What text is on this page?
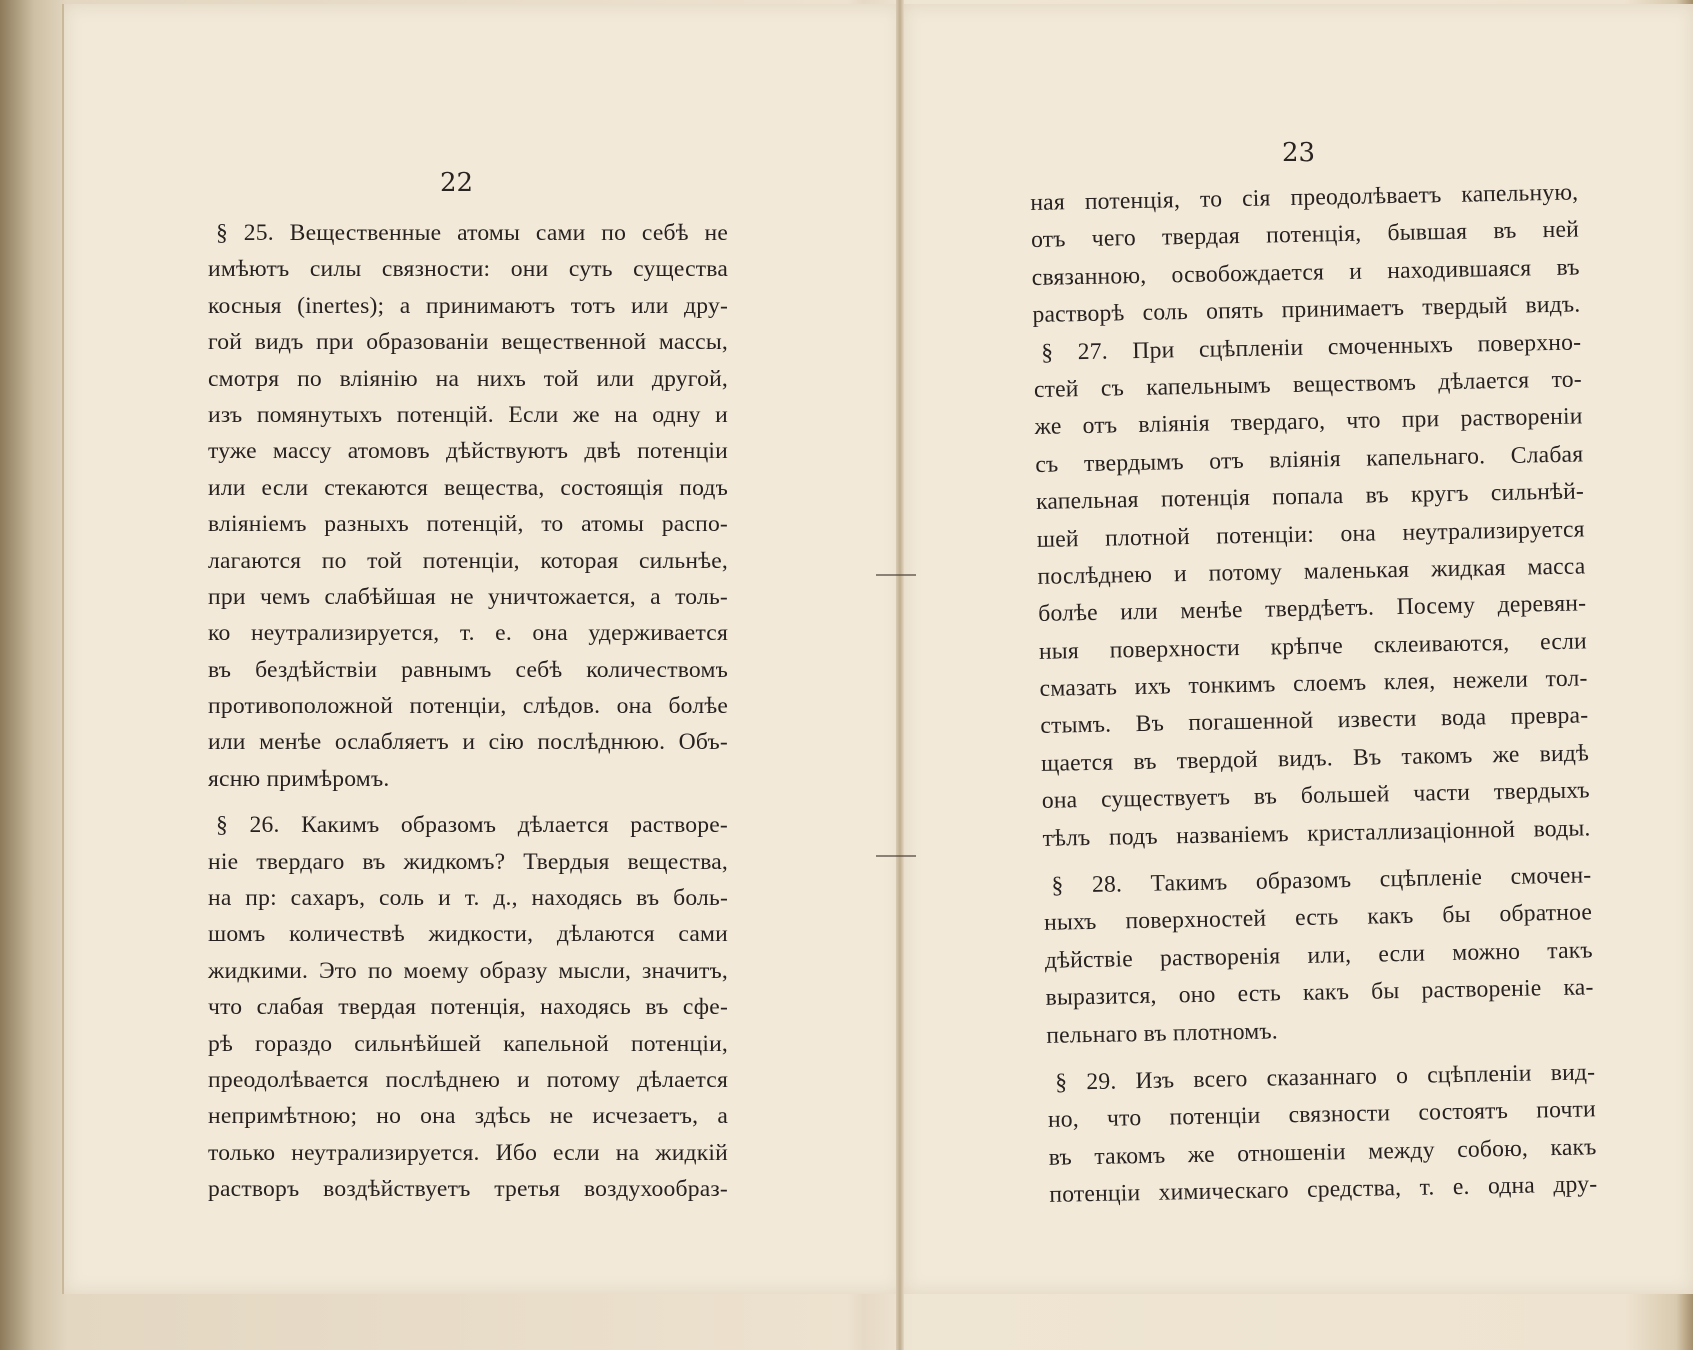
22
23
§ 25. Вещественные атомы сами по себѣ не
имѣютъ силы связности: они суть существа
косныя (inertes); а принимаютъ тотъ или дру-
гой видъ при образованіи вещественной массы,
смотря по вліянію на нихъ той или другой,
изъ помянутыхъ потенцій. Если же на одну и
туже массу атомовъ дѣйствуютъ двѣ потенціи
или если стекаются вещества, состоящія подъ
вліяніемъ разныхъ потенцій, то атомы распо-
лагаются по той потенціи, которая сильнѣе,
при чемъ слабѣйшая не уничтожается, а толь-
ко неутрализируется, т. е. она удерживается
въ бездѣйствіи равнымъ себѣ количествомъ
противоположной потенціи, слѣдов. она болѣе
или менѣе ослабляетъ и сію послѣднюю. Объ-
ясню примѣромъ.
§ 26. Какимъ образомъ дѣлается растворе-
ніе твердаго въ жидкомъ? Твердыя вещества,
на пр: сахаръ, соль и т. д., находясь въ боль-
шомъ количествѣ жидкости, дѣлаются сами
жидкими. Это по моему образу мысли, значитъ,
что слабая твердая потенція, находясь въ сфе-
рѣ гораздо сильнѣйшей капельной потенціи,
преодолѣвается послѣднею и потому дѣлается
непримѣтною; но она здѣсь не исчезаетъ, а
только неутрализируется. Ибо если на жидкій
растворъ воздѣйствуетъ третья воздухообраз-
ная потенція, то сія преодолѣваетъ капельную,
отъ чего твердая потенція, бывшая въ ней
связанною, освобождается и находившаяся въ
растворѣ соль опять принимаетъ твердый видъ.
§ 27. При сцѣпленіи смоченныхъ поверхно-
стей съ капельнымъ веществомъ дѣлается то-
же отъ вліянія твердаго, что при раствореніи
съ твердымъ отъ вліянія капельнаго. Слабая
капельная потенція попала въ кругъ сильнѣй-
шей плотной потенціи: она неутрализируется
послѣднею и потому маленькая жидкая масса
болѣе или менѣе твердѣетъ. Посему деревян-
ныя поверхности крѣпче склеиваются, если
смазать ихъ тонкимъ слоемъ клея, нежели тол-
стымъ. Въ погашенной извести вода превра-
щается въ твердой видъ. Въ такомъ же видѣ
она существуетъ въ большей части твердыхъ
тѣлъ подъ названіемъ кристаллизаціонной воды.
§ 28. Такимъ образомъ сцѣпленіе смочен-
ныхъ поверхностей есть какъ бы обратное
дѣйствіе растворенія или, если можно такъ
выразится, оно есть какъ бы раствореніе ка-
пельнаго въ плотномъ.
§ 29. Изъ всего сказаннаго о сцѣпленіи вид-
но, что потенціи связности состоятъ почти
въ такомъ же отношеніи между собою, какъ
потенціи химическаго средства, т. е. одна дру-
